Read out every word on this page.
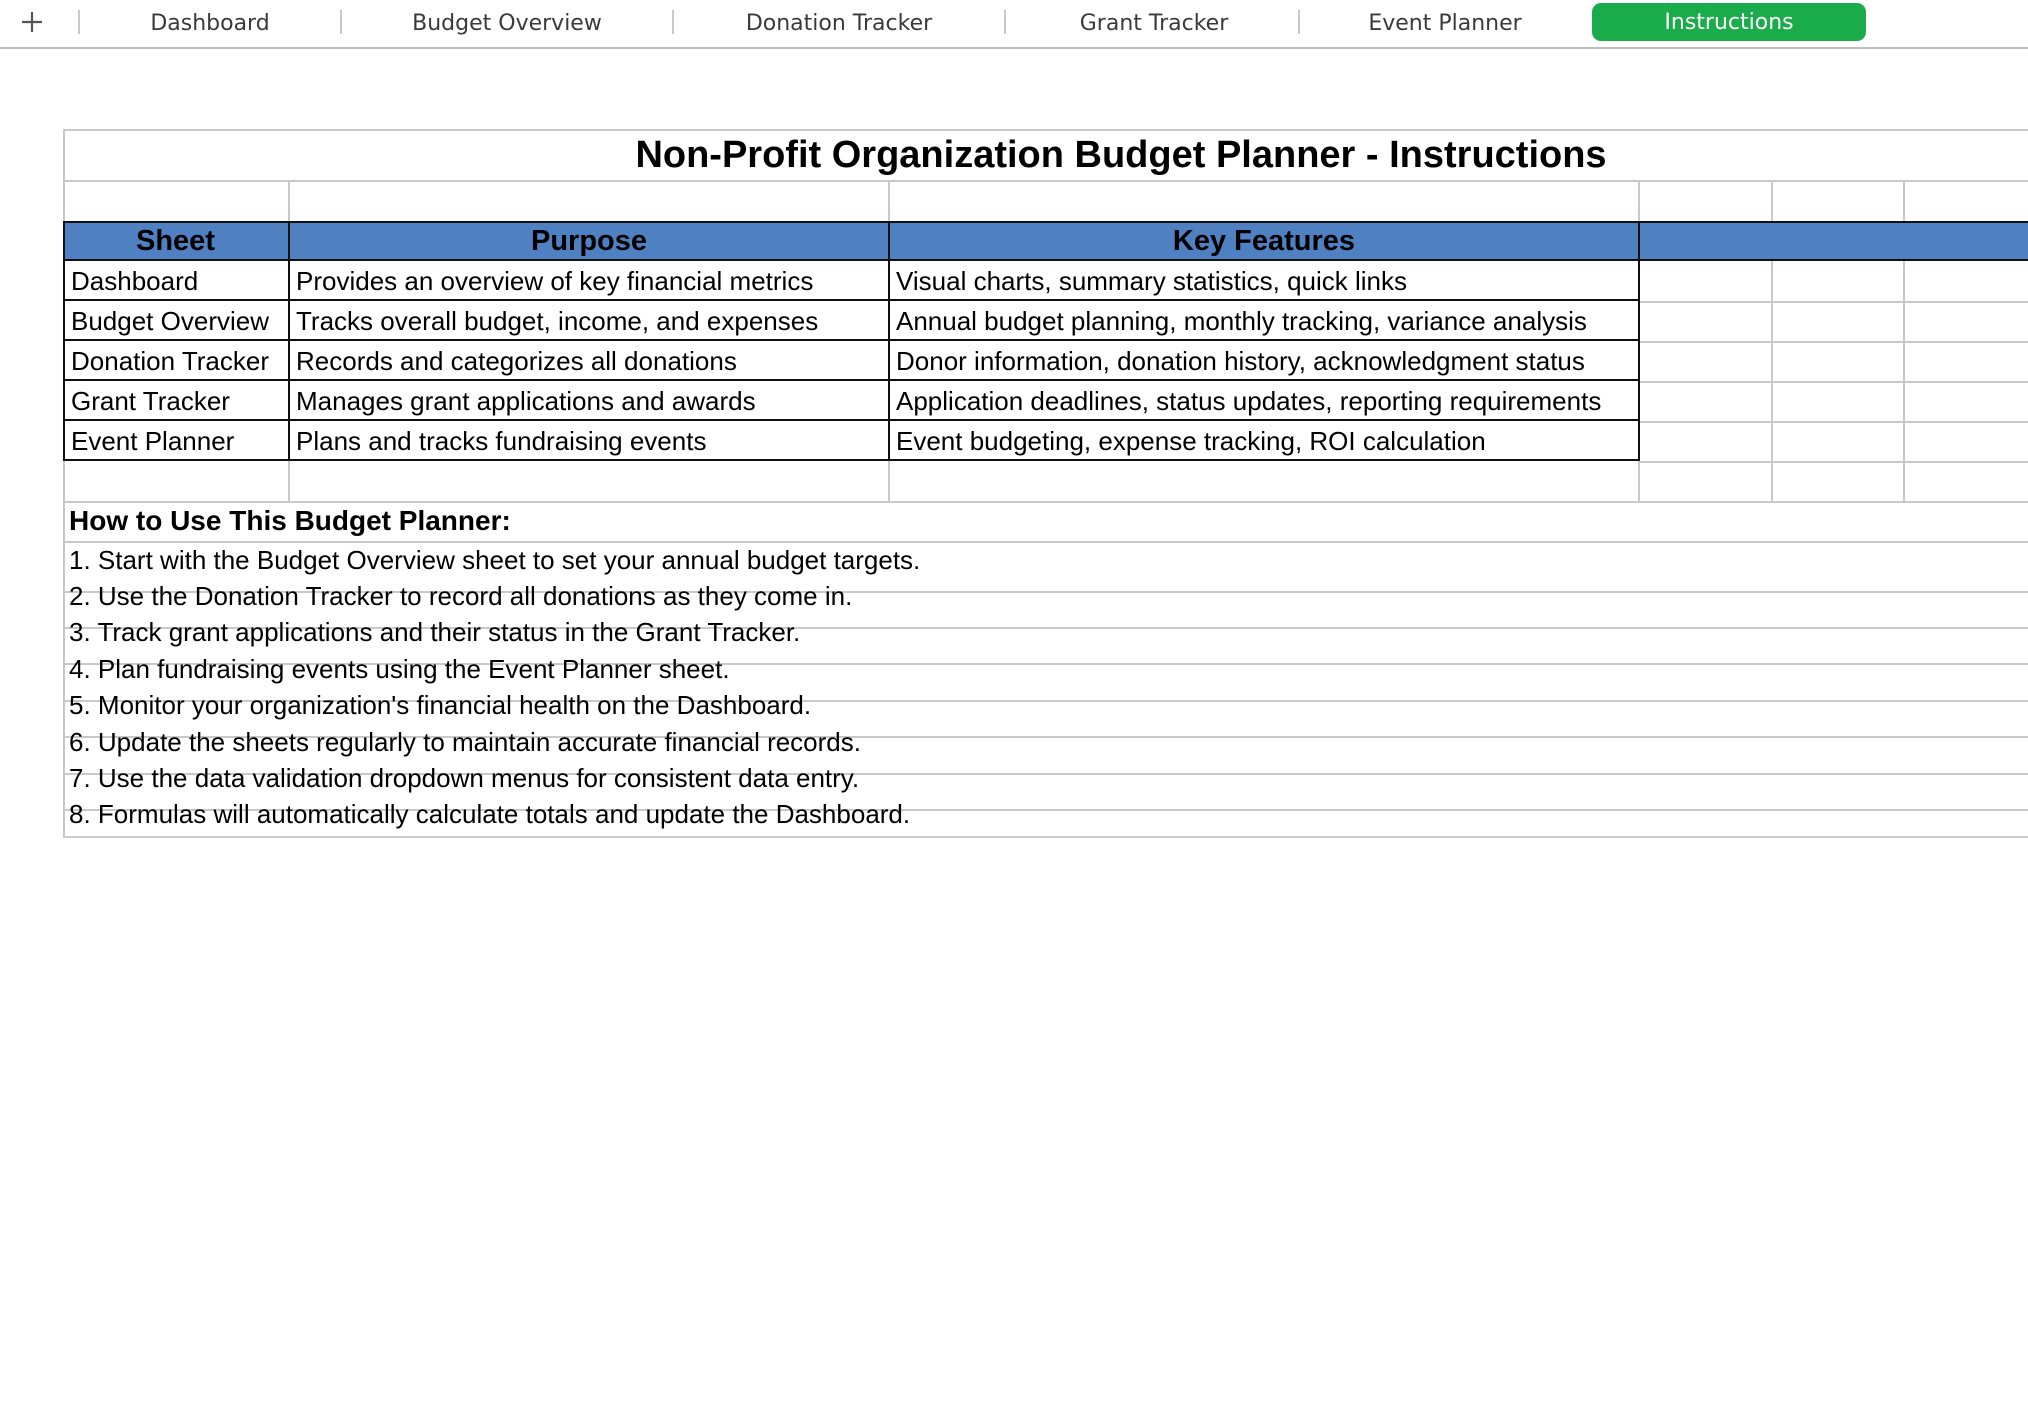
Dashboard	Budget Overview	Donation Tracker	Grant Tracker	Event Planner	Instructions
Non-Profit Organization Budget Planner - Instructions
Sheet	Purpose	Key Features
Dashboard	Provides an overview of key financial metrics	Visual charts, summary statistics, quick links
Budget Overview	Tracks overall budget, income, and expenses	Annual budget planning, monthly tracking, variance analysis
Donation Tracker	Records and categorizes all donations	Donor information, donation history, acknowledgment status
Grant Tracker	Manages grant applications and awards	Application deadlines, status updates, reporting requirements
Event Planner	Plans and tracks fundraising events	Event budgeting, expense tracking, ROI calculation
How to Use This Budget Planner:
1. Start with the Budget Overview sheet to set your annual budget targets.
2. Use the Donation Tracker to record all donations as they come in.
3. Track grant applications and their status in the Grant Tracker.
4. Plan fundraising events using the Event Planner sheet.
5. Monitor your organization's financial health on the Dashboard.
6. Update the sheets regularly to maintain accurate financial records.
7. Use the data validation dropdown menus for consistent data entry.
8. Formulas will automatically calculate totals and update the Dashboard.
